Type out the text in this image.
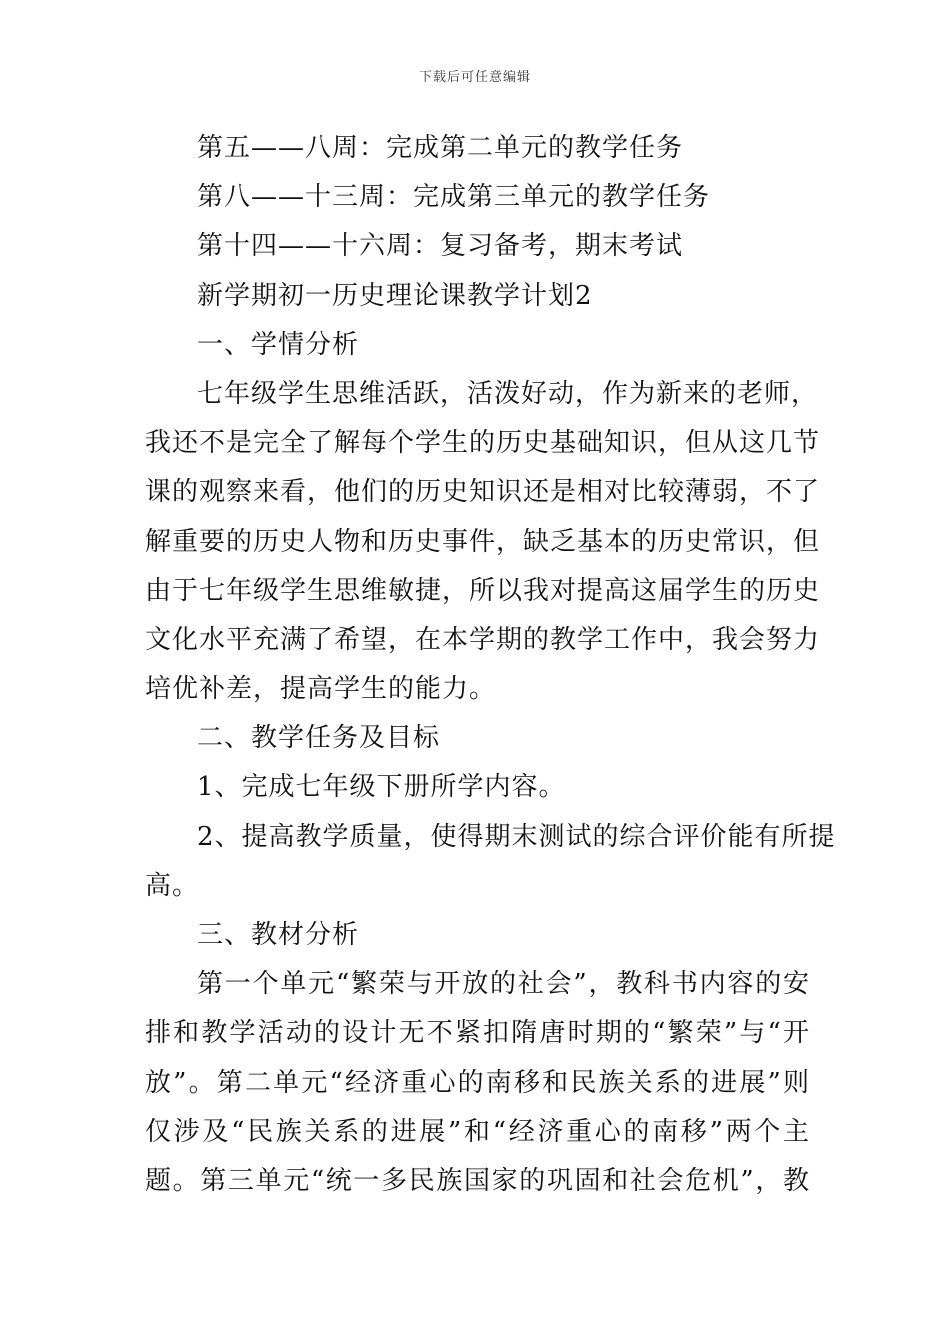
下载后可任意编辑
第五——八周：完成第二单元的教学任务
第八——十三周：完成第三单元的教学任务
第十四——十六周：复习备考，期末考试
新学期初一历史理论课教学计划2
一、学情分析
七年级学生思维活跃，活泼好动，作为新来的老师，
我还不是完全了解每个学生的历史基础知识，但从这几节
课的观察来看，他们的历史知识还是相对比较薄弱，不了
解重要的历史人物和历史事件，缺乏基本的历史常识，但
由于七年级学生思维敏捷，所以我对提高这届学生的历史
文化水平充满了希望，在本学期的教学工作中，我会努力
培优补差，提高学生的能力。
二、教学任务及目标
1、完成七年级下册所学内容。
2、提高教学质量，使得期末测试的综合评价能有所提
高。
三、教材分析
第一个单元“繁荣与开放的社会”，教科书内容的安
排和教学活动的设计无不紧扣隋唐时期的“繁荣”与“开
放”。第二单元“经济重心的南移和民族关系的进展”则
仅涉及“民族关系的进展”和“经济重心的南移”两个主
题。第三单元“统一多民族国家的巩固和社会危机”，教
